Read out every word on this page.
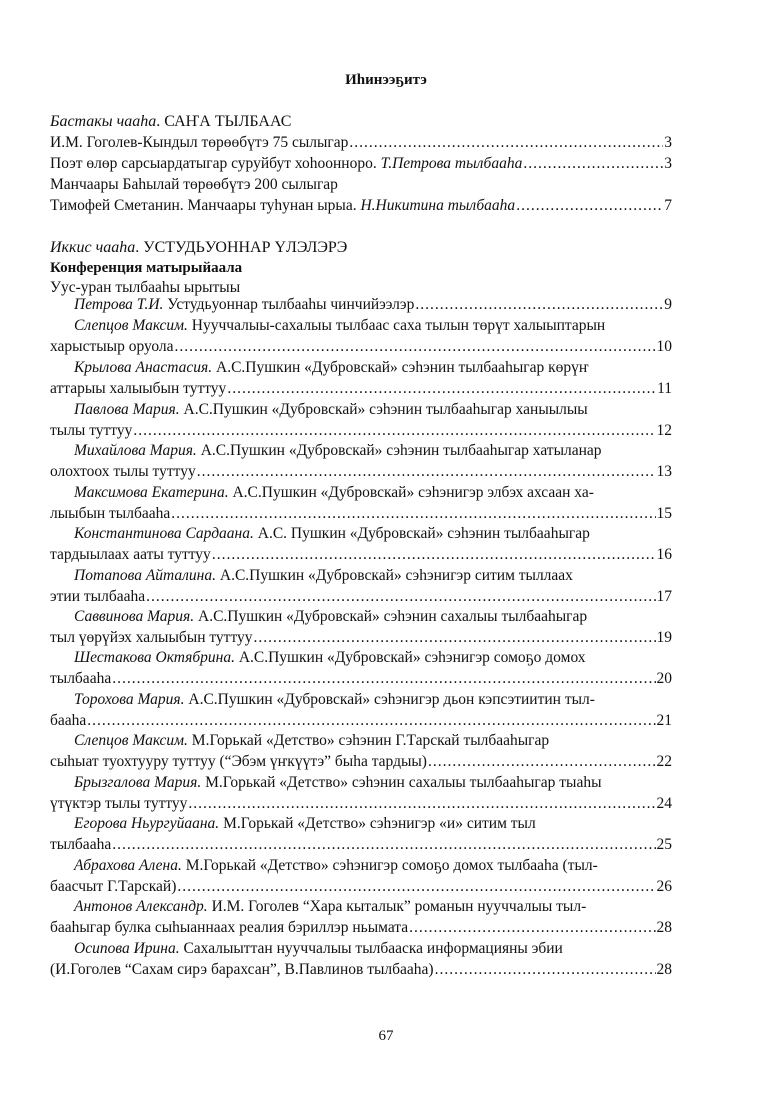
Иhинээҕитэ
Бастакы чааhа. САҤА ТЫЛБААС
И.М. Гоголев-Кындыл төрөөбүтэ 75 сылыгар .....	3
Поэт өлөр сарсыардатыгар суруйбут хоhоонноро.
Т.Петрова тылбааhа .....	3
Манчаары Баhылай төрөөбүтэ 200 сылыгар
Тимофей Сметанин. Манчаары туhунан ырыа.
Н.Никитина тылбааhа .....	7
Иккис чааhа. УСТУДЬУОННАР ҮЛЭЛЭРЭ
Конференция матырыйаала
Уус-уран тылбааhы ырытыы
Петрова Т.И. Устудьуоннар тылбааhы чинчийээлэр .....	9
Слепцов Максим. Нууччалыы-сахалыы тылбаас саха тылын төрүт халыыптарын
харыстыыр оруола .....	10
Крылова Анастасия. А.С.Пушкин «Дубровскай» сэhэнин тылбааhыгар көрүҥ
аттарыы халыыбын туттуу .....	11
Павлова Мария. А.С.Пушкин «Дубровскай» сэhэнин тылбааhыгар ханыылыы
тылы туттуу .....	12
Михайлова Мария. А.С.Пушкин «Дубровскай» сэhэнин тылбааhыгар хатыланар
олохтоох тылы туттуу .....	13
Максимова Екатерина. А.С.Пушкин «Дубровскай» сэhэнигэр элбэх ахсаан ха-
лыыбын тылбааhа .....	15
Константинова Сардаана. А.С. Пушкин «Дубровскай» сэhэнин тылбааhыгар
тардыылаах ааты туттуу .....	16
Потапова Айталина. А.С.Пушкин «Дубровскай» сэhэнигэр ситим тыллаах
этии тылбааhа .....	17
Саввинова Мария. А.С.Пушкин «Дубровскай» сэhэнин сахалыы тылбааhыгар
тыл үөрүйэх халыыбын туттуу .....	19
Шестакова Октябрина. А.С.Пушкин «Дубровскай» сэhэнигэр сомоҕо домох
тылбааhа .....	20
Торохова Мария. А.С.Пушкин «Дубровскай» сэhэнигэр дьон кэпсэтиитин тыл-
бааhа .....	21
Слепцов Максим. М.Горькай «Детство» сэhэнин Г.Тарскай тылбааhыгар
сыhыат туохтууру туттуу (“Эбэм үҥкүүтэ” быhа тардыы) .....	22
Брызгалова Мария. М.Горькай «Детство» сэhэнин сахалыы тылбааhыгар тыаhы
үтүктэр тылы туттуу .....	24
Егорова Ньургуйаана. М.Горькай «Детство» сэhэнигэр «и» ситим тыл
тылбааhа .....	25
Абрахова Алена. М.Горькай «Детство» сэhэнигэр сомоҕо домох тылбааhа (тыл-
баасчыт Г.Тарскай) .....	26
Антонов Александр. И.М. Гоголев “Хара кыталык” романын нууччалыы тыл-
бааhыгар булка сыhыаннаах реалия бэриллэр ньымата .....	28
Осипова Ирина. Сахалыыттан нууччалыы тылбааска информацияны эбии
(И.Гоголев “Сахам сирэ барахсан”, В.Павлинов тылбааhа) .....	28
67
